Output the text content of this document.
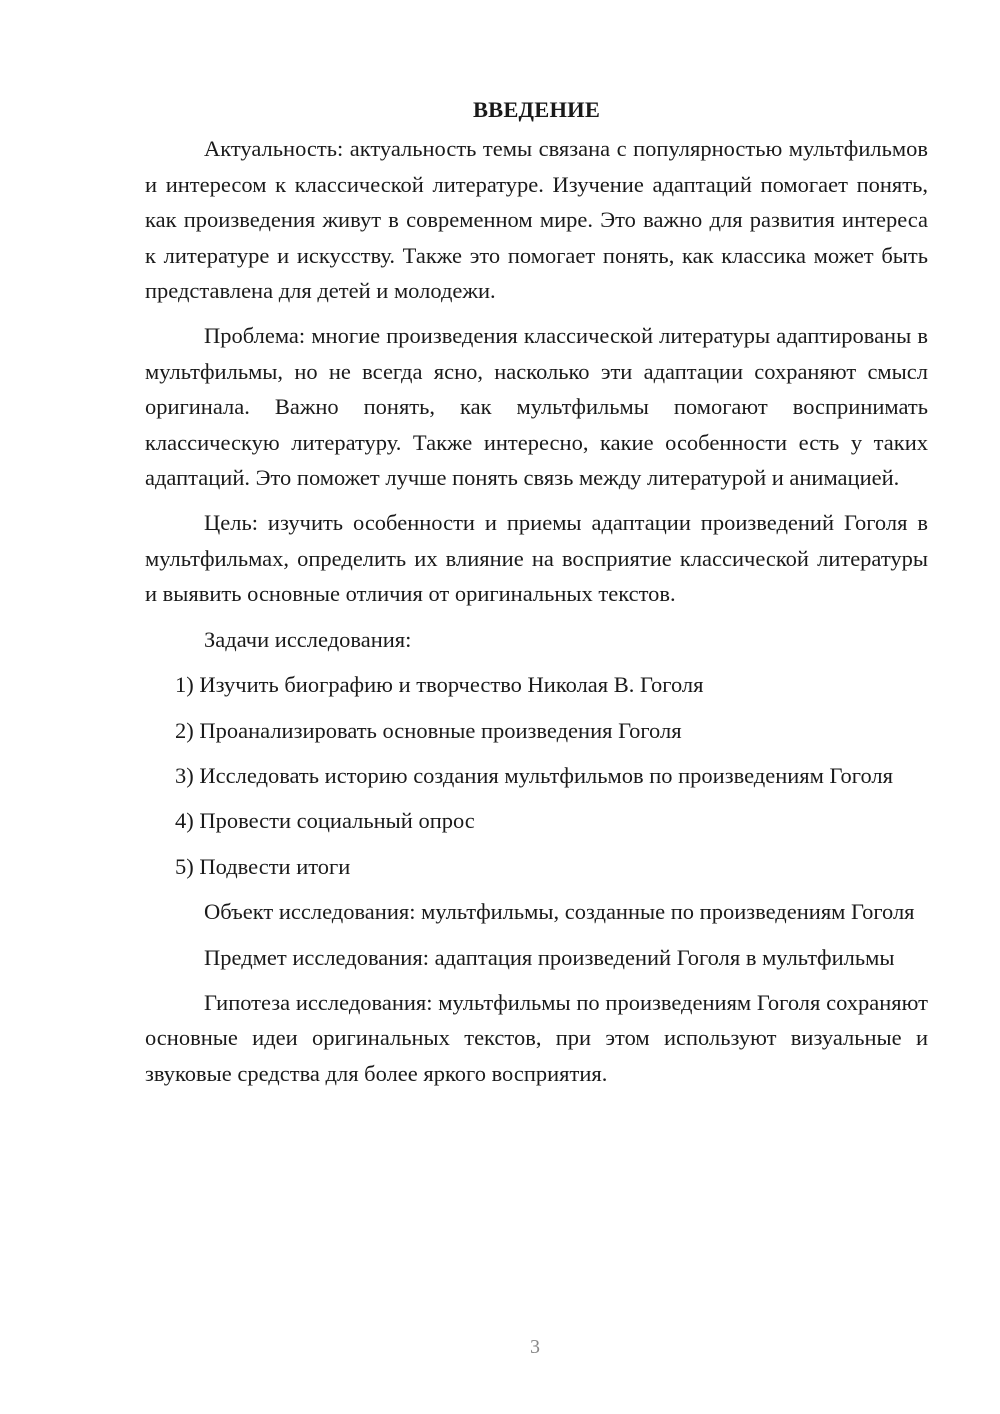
ВВЕДЕНИЕ

Актуальность: актуальность темы связана с популярностью мультфильмов и интересом к классической литературе. Изучение адаптаций помогает понять, как произведения живут в современном мире. Это важно для развития интереса к литературе и искусству. Также это помогает понять, как классика может быть представлена для детей и молодежи.

Проблема: многие произведения классической литературы адаптированы в мультфильмы, но не всегда ясно, насколько эти адаптации сохраняют смысл оригинала. Важно понять, как мультфильмы помогают воспринимать классическую литературу. Также интересно, какие особенности есть у таких адаптаций. Это поможет лучше понять связь между литературой и анимацией.

Цель: изучить особенности и приемы адаптации произведений Гоголя в мультфильмах, определить их влияние на восприятие классической литературы и выявить основные отличия от оригинальных текстов.

Задачи исследования:

1) Изучить биографию и творчество Николая В. Гоголя

2) Проанализировать основные произведения Гоголя

3) Исследовать историю создания мультфильмов по произведениям Гоголя

4) Провести социальный опрос

5) Подвести итоги

Объект исследования: мультфильмы, созданные по произведениям Гоголя

Предмет исследования: адаптация произведений Гоголя в мультфильмы

Гипотеза исследования: мультфильмы по произведениям Гоголя сохраняют основные идеи оригинальных текстов, при этом используют визуальные и звуковые средства для более яркого восприятия.

3
